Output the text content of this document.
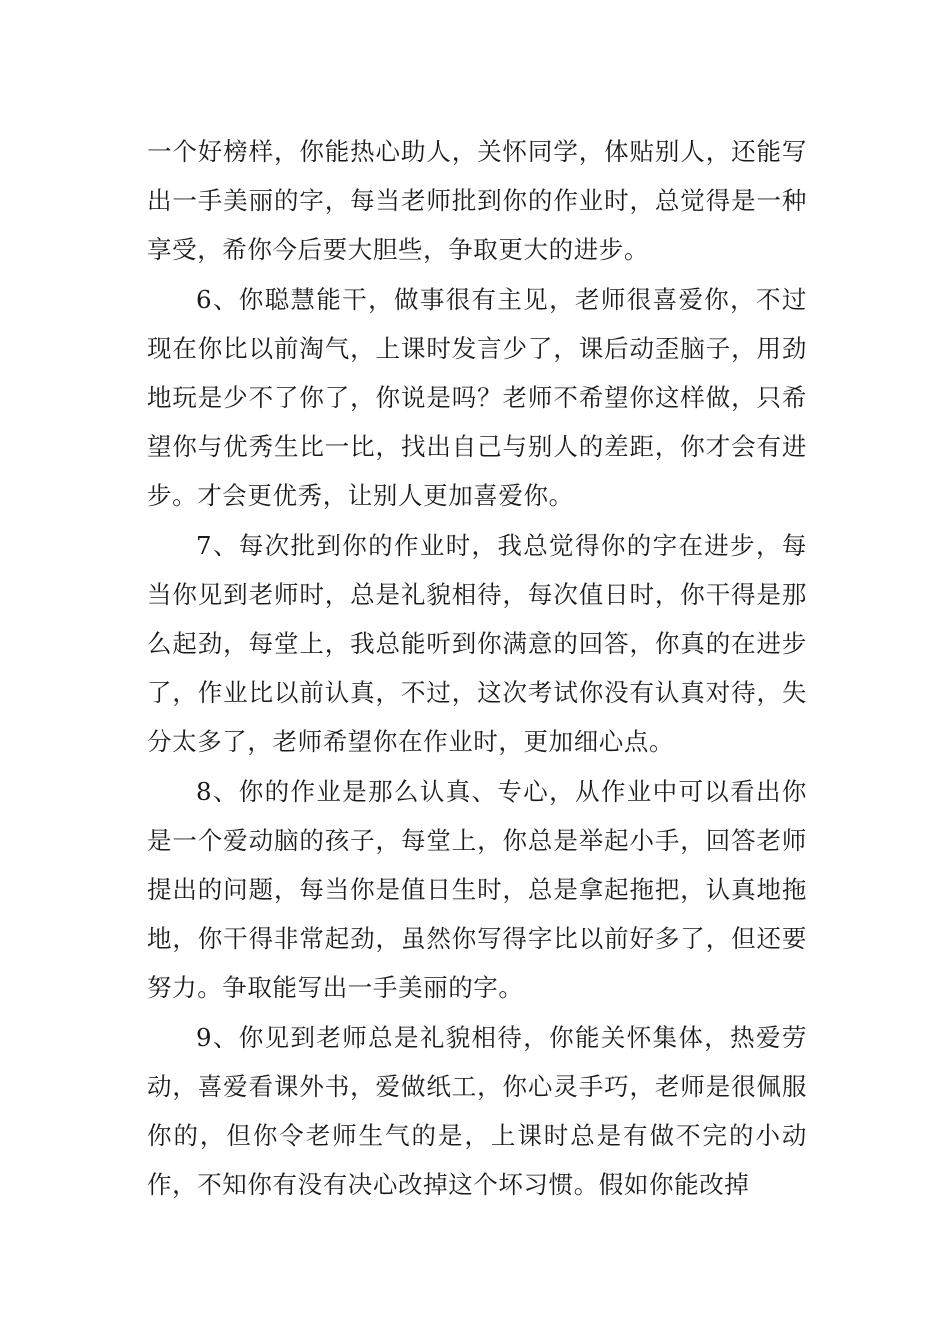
一个好榜样，你能热心助人，关怀同学，体贴别人，还能写出一手美丽的字，每当老师批到你的作业时，总觉得是一种享受，希你今后要大胆些，争取更大的进步。

6、你聪慧能干，做事很有主见，老师很喜爱你，不过现在你比以前淘气，上课时发言少了，课后动歪脑子，用劲地玩是少不了你了，你说是吗？老师不希望你这样做，只希望你与优秀生比一比，找出自己与别人的差距，你才会有进步。才会更优秀，让别人更加喜爱你。

7、每次批到你的作业时，我总觉得你的字在进步，每当你见到老师时，总是礼貌相待，每次值日时，你干得是那么起劲，每堂上，我总能听到你满意的回答，你真的在进步了，作业比以前认真，不过，这次考试你没有认真对待，失分太多了，老师希望你在作业时，更加细心点。

8、你的作业是那么认真、专心，从作业中可以看出你是一个爱动脑的孩子，每堂上，你总是举起小手，回答老师提出的问题，每当你是值日生时，总是拿起拖把，认真地拖地，你干得非常起劲，虽然你写得字比以前好多了，但还要努力。争取能写出一手美丽的字。

9、你见到老师总是礼貌相待，你能关怀集体，热爱劳动，喜爱看课外书，爱做纸工，你心灵手巧，老师是很佩服你的，但你令老师生气的是，上课时总是有做不完的小动作，不知你有没有决心改掉这个坏习惯。假如你能改掉
